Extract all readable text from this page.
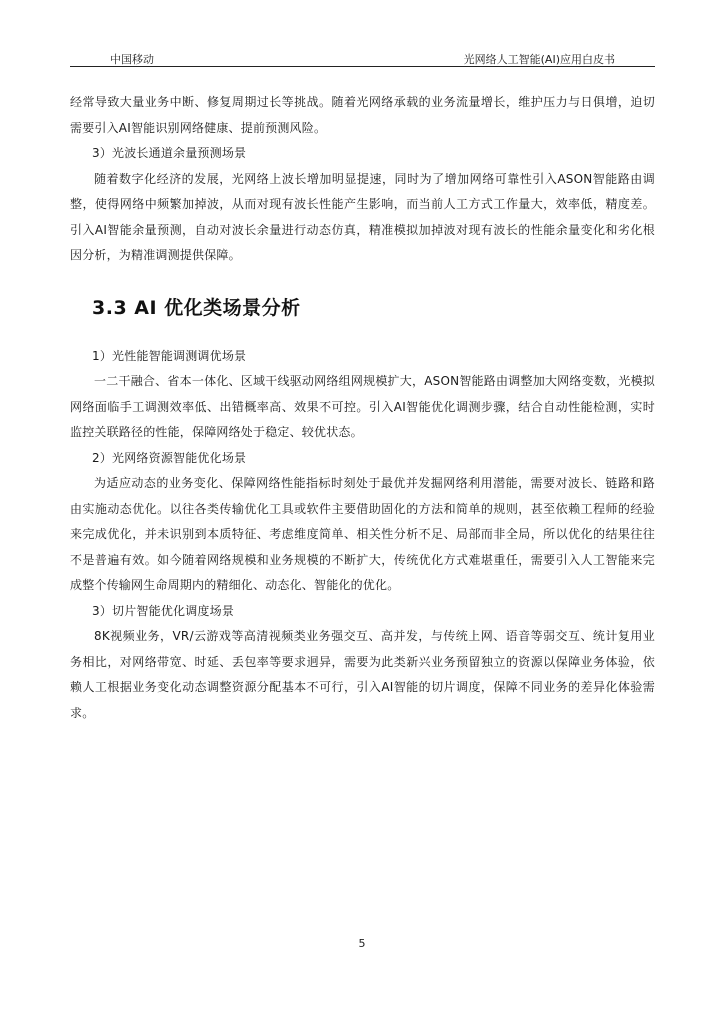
中国移动	光网络人工智能(AI)应用白皮书

经常导致大量业务中断、修复周期过长等挑战。随着光网络承载的业务流量增长，维护压力与日俱增，迫切需要引入AI智能识别网络健康、提前预测风险。

3）光波长通道余量预测场景

随着数字化经济的发展，光网络上波长增加明显提速，同时为了增加网络可靠性引入ASON智能路由调整，使得网络中频繁加掉波，从而对现有波长性能产生影响，而当前人工方式工作量大，效率低，精度差。引入AI智能余量预测，自动对波长余量进行动态仿真，精准模拟加掉波对现有波长的性能余量变化和劣化根因分析，为精准调测提供保障。

3.3 AI 优化类场景分析

1）光性能智能调测调优场景

一二干融合、省本一体化、区域干线驱动网络组网规模扩大，ASON智能路由调整加大网络变数，光模拟网络面临手工调测效率低、出错概率高、效果不可控。引入AI智能优化调测步骤，结合自动性能检测，实时监控关联路径的性能，保障网络处于稳定、较优状态。

2）光网络资源智能优化场景

为适应动态的业务变化、保障网络性能指标时刻处于最优并发掘网络利用潜能，需要对波长、链路和路由实施动态优化。以往各类传输优化工具或软件主要借助固化的方法和简单的规则，甚至依赖工程师的经验来完成优化，并未识别到本质特征、考虑维度简单、相关性分析不足、局部而非全局，所以优化的结果往往不是普遍有效。如今随着网络规模和业务规模的不断扩大，传统优化方式难堪重任，需要引入人工智能来完成整个传输网生命周期内的精细化、动态化、智能化的优化。

3）切片智能优化调度场景

8K视频业务，VR/云游戏等高清视频类业务强交互、高并发，与传统上网、语音等弱交互、统计复用业务相比，对网络带宽、时延、丢包率等要求迥异，需要为此类新兴业务预留独立的资源以保障业务体验，依赖人工根据业务变化动态调整资源分配基本不可行，引入AI智能的切片调度，保障不同业务的差异化体验需求。

5
